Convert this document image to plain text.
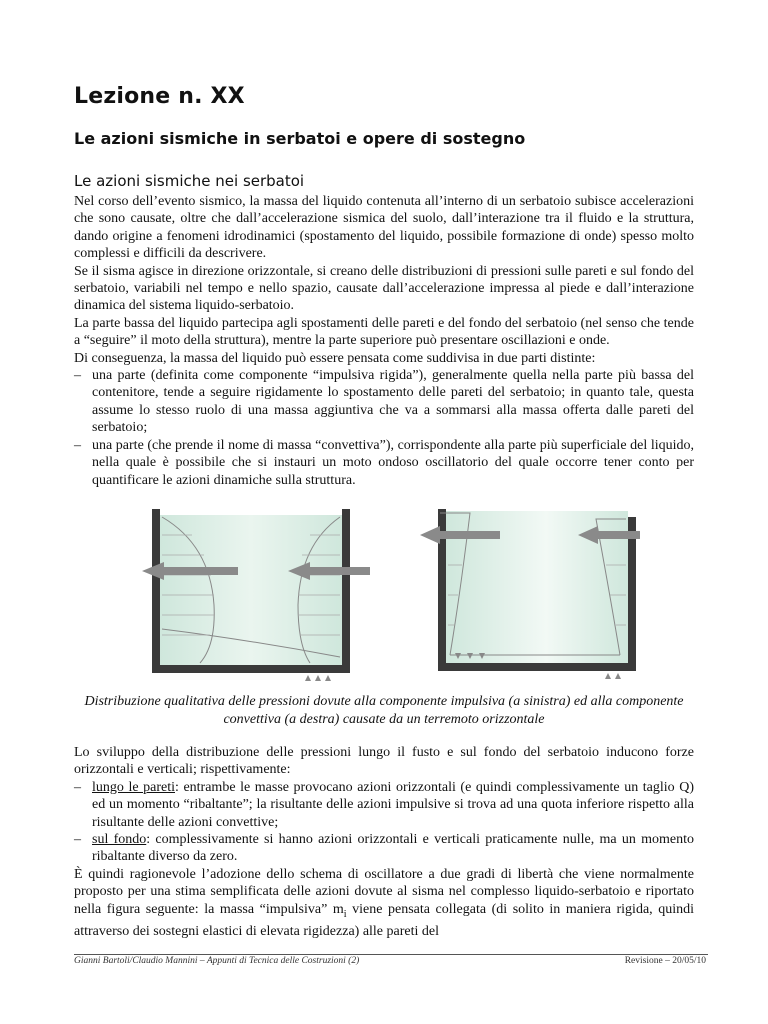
Lezione n. XX
Le azioni sismiche in serbatoi e opere di sostegno
Le azioni sismiche nei serbatoi

Nel corso dell’evento sismico, la massa del liquido contenuta all’interno di un serbatoio subisce accelerazioni che sono causate, oltre che dall’accelerazione sismica del suolo, dall’interazione tra il fluido e la struttura, dando origine a fenomeni idrodinamici (spostamento del liquido, possibile formazione di onde) spesso molto complessi e difficili da descrivere.

Se il sisma agisce in direzione orizzontale, si creano delle distribuzioni di pressioni sulle pareti e sul fondo del serbatoio, variabili nel tempo e nello spazio, causate dall’accelerazione impressa al piede e dall’interazione dinamica del sistema liquido-serbatoio.

La parte bassa del liquido partecipa agli spostamenti delle pareti e del fondo del serbatoio (nel senso che tende a “seguire” il moto della struttura), mentre la parte superiore può presentare oscillazioni e onde.

Di conseguenza, la massa del liquido può essere pensata come suddivisa in due parti distinte:

– una parte (definita come componente “impulsiva rigida”), generalmente quella nella parte più bassa del contenitore, tende a seguire rigidamente lo spostamento delle pareti del serbatoio; in quanto tale, questa assume lo stesso ruolo di una massa aggiuntiva che va a sommarsi alla massa offerta dalle pareti del serbatoio;
– una parte (che prende il nome di massa “convettiva”), corrispondente alla parte più superficiale del liquido, nella quale è possibile che si instauri un moto ondoso oscillatorio del quale occorre tener conto per quantificare le azioni dinamiche sulla struttura.
Distribuzione qualitativa delle pressioni dovute alla componente impulsiva (a sinistra) ed alla componente convettiva (a destra) causate da un terremoto orizzontale

Lo sviluppo della distribuzione delle pressioni lungo il fusto e sul fondo del serbatoio inducono forze orizzontali e verticali; rispettivamente:

– lungo le pareti: entrambe le masse provocano azioni orizzontali (e quindi complessivamente un taglio Q) ed un momento “ribaltante”; la risultante delle azioni impulsive si trova ad una quota inferiore rispetto alla risultante delle azioni convettive;
– sul fondo: complessivamente si hanno azioni orizzontali e verticali praticamente nulle, ma un momento ribaltante diverso da zero.

È quindi ragionevole l’adozione dello schema di oscillatore a due gradi di libertà che viene normalmente proposto per una stima semplificata delle azioni dovute al sisma nel complesso liquido-serbatoio e riportato nella figura seguente: la massa “impulsiva” $m_i$ viene pensata collegata (di solito in maniera rigida, quindi attraverso dei sostegni elastici di elevata rigidezza) alle pareti del

Gianni Bartoli/Claudio Mannini – Appunti di Tecnica delle Costruzioni (2)	Revisione – 20/05/10
